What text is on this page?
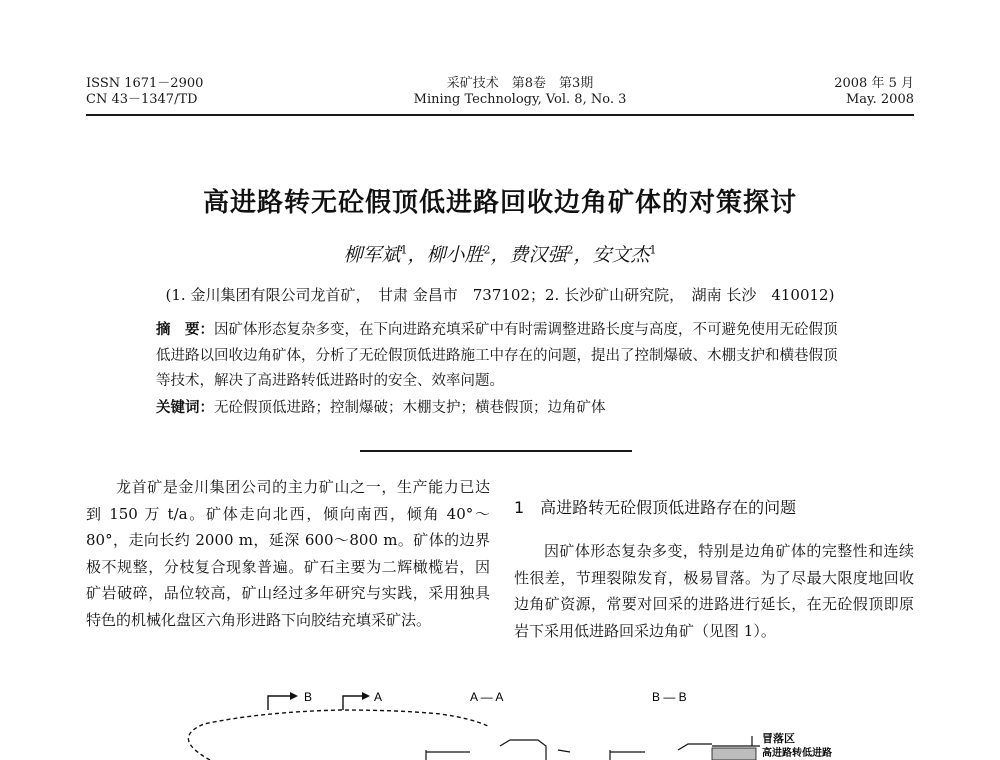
ISSN 1671－2900
CN 43－1347/TD
采矿技术　第8卷　第3期
Mining Technology, Vol. 8, No. 3
2008 年 5 月
May. 2008
高进路转无砼假顶低进路回收边角矿体的对策探讨
柳军斌$^1$，柳小胜$^2$，费汉强$^2$，安文杰$^1$
(1. 金川集团有限公司龙首矿，　甘肃 金昌市　737102；2. 长沙矿山研究院，　湖南 长沙　410012)
摘　要：因矿体形态复杂多变，在下向进路充填采矿中有时需调整进路长度与高度，不可避免使用无砼假顶低进路以回收边角矿体，分析了无砼假顶低进路施工中存在的问题，提出了控制爆破、木棚支护和横巷假顶等技术，解决了高进路转低进路时的安全、效率问题。
关键词：无砼假顶低进路；控制爆破；木棚支护；横巷假顶；边角矿体
龙首矿是金川集团公司的主力矿山之一，生产能力已达到 150 万 t/a。矿体走向北西，倾向南西，倾角 40°～80°，走向长约 2000 m，延深 600～800 m。矿体的边界极不规整，分枝复合现象普遍。矿石主要为二辉橄榄岩，因矿岩破碎，品位较高，矿山经过多年研究与实践，采用独具特色的机械化盘区六角形进路下向胶结充填采矿法。
1　高进路转无砼假顶低进路存在的问题
因矿体形态复杂多变，特别是边角矿体的完整性和连续性很差，节理裂隙发育，极易冒落。为了尽最大限度地回收边角矿资源，常要对回采的进路进行延长，在无砼假顶即原岩下采用低进路回采边角矿（见图 1）。
B	A	A — A	B — B
冒落区
高进路转低进路
